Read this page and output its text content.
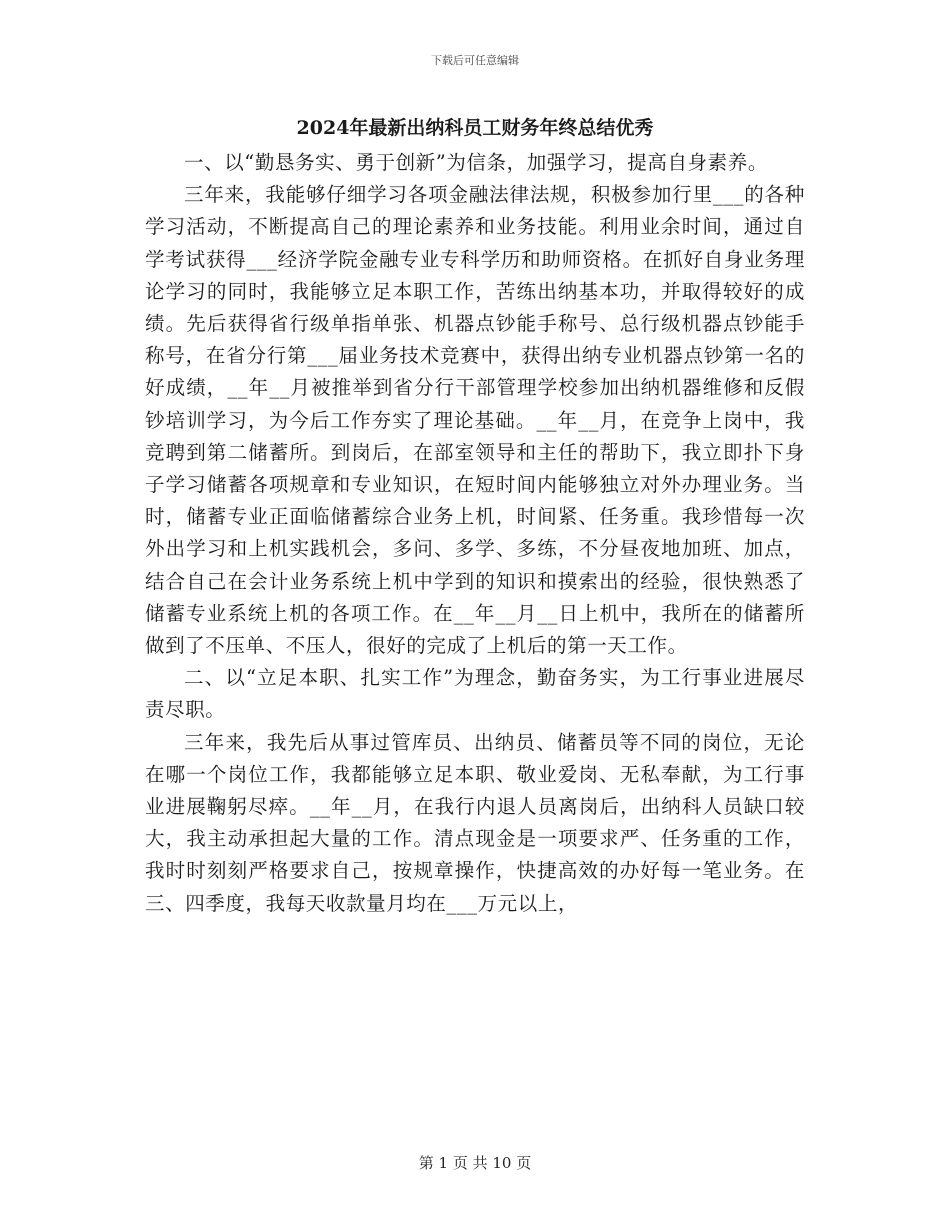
下载后可任意编辑
2024年最新出纳科员工财务年终总结优秀

一、以“勤恳务实、勇于创新”为信条，加强学习，提高自身素养。

三年来，我能够仔细学习各项金融法律法规，积极参加行里___的各种学习活动，不断提高自己的理论素养和业务技能。利用业余时间，通过自学考试获得___经济学院金融专业专科学历和助师资格。在抓好自身业务理论学习的同时，我能够立足本职工作，苦练出纳基本功，并取得较好的成绩。先后获得省行级单指单张、机器点钞能手称号、总行级机器点钞能手称号，在省分行第___届业务技术竞赛中，获得出纳专业机器点钞第一名的好成绩，__年__月被推举到省分行干部管理学校参加出纳机器维修和反假钞培训学习，为今后工作夯实了理论基础。__年__月，在竞争上岗中，我竞聘到第二储蓄所。到岗后，在部室领导和主任的帮助下，我立即扑下身子学习储蓄各项规章和专业知识，在短时间内能够独立对外办理业务。当时，储蓄专业正面临储蓄综合业务上机，时间紧、任务重。我珍惜每一次外出学习和上机实践机会，多问、多学、多练，不分昼夜地加班、加点，结合自己在会计业务系统上机中学到的知识和摸索出的经验，很快熟悉了储蓄专业系统上机的各项工作。在__年__月__日上机中，我所在的储蓄所做到了不压单、不压人，很好的完成了上机后的第一天工作。

二、以“立足本职、扎实工作”为理念，勤奋务实，为工行事业进展尽责尽职。

三年来，我先后从事过管库员、出纳员、储蓄员等不同的岗位，无论在哪一个岗位工作，我都能够立足本职、敬业爱岗、无私奉献，为工行事业进展鞠躬尽瘁。__年__月，在我行内退人员离岗后，出纳科人员缺口较大，我主动承担起大量的工作。清点现金是一项要求严、任务重的工作，我时时刻刻严格要求自己，按规章操作，快捷高效的办好每一笔业务。在三、四季度，我每天收款量月均在___万元以上，

第 1 页 共 10 页
